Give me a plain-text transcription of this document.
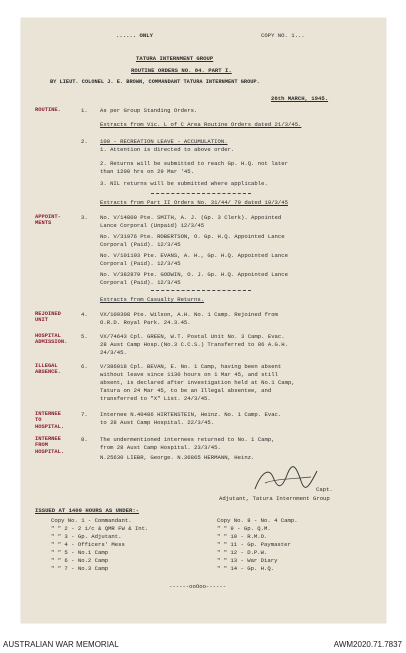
...... ONLY	COPY NO. 1...
TATURA INTERNMENT GROUP
ROUTINE ORDERS NO. 84. PART I.
BY LIEUT. COLONEL J. E. BROWN, COMMANDANT TATURA INTERNMENT GROUP.
26th MARCH, 1945.
ROUTINE.	1. As per Group Standing Orders.
Extracts from Vic. L of C Area Routine Orders dated 21/3/45.
2. 100 - RECREATION LEAVE - ACCUMULATION.
1. Attention is directed to above order.
2. Returns will be submitted to reach Gp. H.Q. not later
than 1200 hrs on 29 Mar '45.
3. NIL returns will be submitted where applicable.
Extracts from Part II Orders No. 31/44/ 79 dated 19/3/45
APPOINT-
MENTS
3. No. V/14800 Pte. SMITH, A. J. (Gp. 3 Clerk). Appointed
Lance Corporal (Unpaid) 12/3/45
No. V/31976 Pte. ROBERTSON, O. Gp. H.Q. Appointed Lance
Corporal (Paid). 12/3/45
No. V/101193 Pte. EVANS, A. H., Gp. H.Q. Appointed Lance
Corporal (Paid). 12/3/45
No. V/382879 Pte. GODWIN, O. J. Gp. H.Q. Appointed Lance
Corporal (Paid). 12/3/45
Extracts from Casualty Returns.
REJOINED
UNIT
4. VX/109308 Pte. Wilson, A.H. No. 1 Camp. Rejoined from
O.R.D. Royal Park. 24.3.45.
HOSPITAL
ADMISSION.
5. VX/74643 Cpl. GREEN, W.T. Postal Unit No. 3 Camp. Evac.
28 Aust Camp Hosp.(No.3 C.C.S.) Transferred to 86 A.G.H.
24/3/45.
ILLEGAL
ABSENCE.
6. V/386018 Cpl. BEVAN, E. No. 1 Camp, having been absent
without leave since 1130 hours on 1 Mar 45, and still
absent, is declared after investigation held at No.1 Camp,
Tatura on 24 Mar 45, to be an Illegal absentee, and
transferred to "X" List. 24/3/45.
INTERNEE
TO
HOSPITAL.
7. Internee N.40486 HIRTENSTEIN, Heinz. No. 1 Camp. Evac.
to 28 Aust Camp Hospital. 22/3/45.
INTERNEE
FROM
HOSPITAL.
8. The undermentioned internees returned to No. 1 Camp,
from 28 Aust Camp Hospital. 23/3/45.
N.25630 LIEBR, George. N.36865 HERMANN, Heinz.
Capt.
Adjutant, Tatura Internment Group
ISSUED AT 1400 HOURS AS UNDER:-
Copy No. 1 - Commandant.
" " 2 - 2 i/c & QMR FW & Int.
" " 3 - Gp. Adjutant.
" " 4 - Officers' Mess
" " 5 - No.1 Camp
" " 6 - No.2 Camp
" " 7 - No.3 Camp
Copy No. 8 - No. 4 Camp.
" " 9 - Gp. Q.M.
" " 10 - R.M.O.
" " 11 - Gp. Paymaster
" " 12 - D.P.W.
" " 13 - War Diary
" " 14 - Gp. H.Q.
------ooOoo------
AUSTRALIAN WAR MEMORIAL	AWM2020.71.7837
